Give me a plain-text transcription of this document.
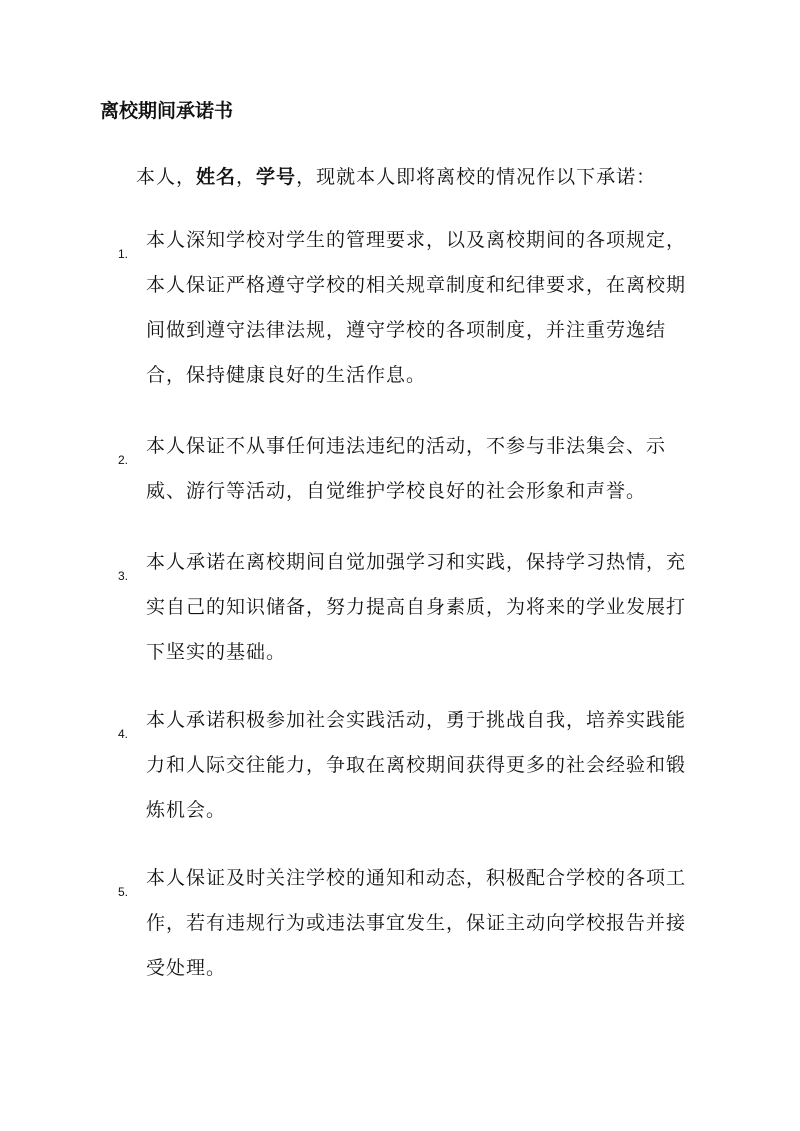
离校期间承诺书
本人，姓名，学号，现就本人即将离校的情况作以下承诺：
1.
本人深知学校对学生的管理要求，以及离校期间的各项规定，本人保证严格遵守学校的相关规章制度和纪律要求，在离校期间做到遵守法律法规，遵守学校的各项制度，并注重劳逸结合，保持健康良好的生活作息。
2.
本人保证不从事任何违法违纪的活动，不参与非法集会、示威、游行等活动，自觉维护学校良好的社会形象和声誉。
3.
本人承诺在离校期间自觉加强学习和实践，保持学习热情，充实自己的知识储备，努力提高自身素质，为将来的学业发展打下坚实的基础。
4.
本人承诺积极参加社会实践活动，勇于挑战自我，培养实践能力和人际交往能力，争取在离校期间获得更多的社会经验和锻炼机会。
5.
本人保证及时关注学校的通知和动态，积极配合学校的各项工作，若有违规行为或违法事宜发生，保证主动向学校报告并接受处理。
